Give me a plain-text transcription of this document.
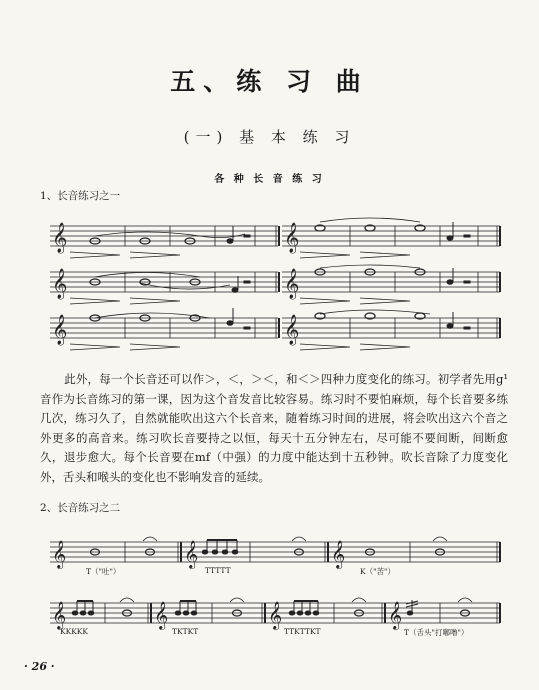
五、练 习 曲
(一) 基 本 练 习
各 种 长 音 练 习
1、长音练习之一
𝄞	𝄞
𝄞	𝄞
𝄞	𝄞
此外，每一个长音还可以作＞，＜，＞＜，和＜＞四种力度变化的练习。初学者先用g¹音作为长音练习的第一课，因为这个音发音比较容易。练习时不要怕麻烦，每个长音要多练几次，练习久了，自然就能吹出这六个长音来，随着练习时间的进展，将会吹出这六个音之外更多的高音来。练习吹长音要持之以恒，每天十五分钟左右，尽可能不要间断，间断愈久，退步愈大。每个长音要在mf（中强）的力度中能达到十五秒钟。吹长音除了力度变化外，舌头和喉头的变化也不影响发音的延续。
2、长音练习之二
𝄞	𝄞	𝄞
𝄞	𝄞	𝄞	𝄞
T（"吐"）	TTTTT	K（"苦"）
KKKKK	TKTKT	TTKTTKT	T（舌头"打嘟噜"）
· 26 ·
